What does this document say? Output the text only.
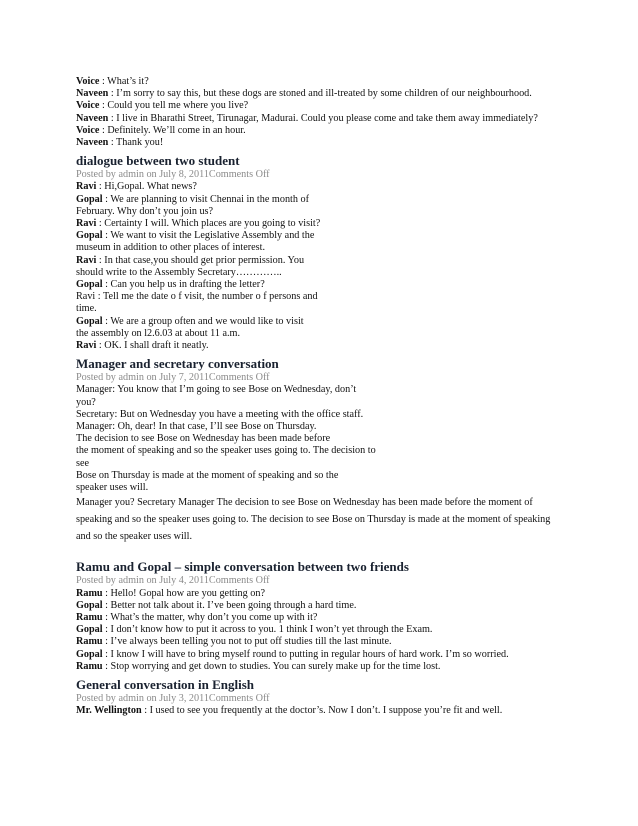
Voice : What’s it?
Naveen : I’m sorry to say this, but these dogs are stoned and ill-treated by some children of our neighbourhood.
Voice : Could you tell me where you live?
Naveen : I live in Bharathi Street, Tirunagar, Madurai. Could you please come and take them away immediately?
Voice : Definitely. We’ll come in an hour.
Naveen : Thank you!
dialogue between two student
Posted by admin on July 8, 2011Comments Off
Ravi : Hi,Gopal. What news?
Gopal : We are planning to visit Chennai in the month of
February. Why don’t you join us?
Ravi : Certainty I will. Which places are you going to visit?
Gopal : We want to visit the Legislative Assembly and the
museum in addition to other places of interest.
Ravi : In that case,you should get prior permission. You
should write to the Assembly Secretary…………..
Gopal : Can you help us in drafting the letter?
Ravi : Tell me the date o f visit, the number o f persons and
time.
Gopal : We are a group often and we would like to visit
the assembly on l2.6.03 at about 11 a.m.
Ravi : OK. I shall draft it neatly.
Manager and secretary conversation
Posted by admin on July 7, 2011Comments Off
Manager: You know that I’m going to see Bose on Wednesday, don’t
you?
Secretary: But on Wednesday you have a meeting with the office staff.
Manager: Oh, dear! In that case, I’ll see Bose on Thursday.
The decision to see Bose on Wednesday has been made before
the moment of speaking and so the speaker uses going to. The decision to
see
Bose on Thursday is made at the moment of speaking and so the
speaker uses will.
Manager you? Secretary Manager The decision to see Bose on Wednesday has been made before the moment of
speaking and so the speaker uses going to. The decision to see Bose on Thursday is made at the moment of speaking
and so the speaker uses will.
Ramu and Gopal – simple conversation between two friends
Posted by admin on July 4, 2011Comments Off
Ramu : Hello! Gopal how are you getting on?
Gopal : Better not talk about it. I’ve been going through a hard time.
Ramu : What’s the matter, why don’t you come up with it?
Gopal : I don’t know how to put it across to you. 1 think I won’t yet through the Exam.
Ramu : I’ve always been telling you not to put off studies till the last minute.
Gopal : I know I will have to bring myself round to putting in regular hours of hard work. I’m so worried.
Ramu : Stop worrying and get down to studies. You can surely make up for the time lost.
General conversation in English
Posted by admin on July 3, 2011Comments Off
Mr. Wellington : I used to see you frequently at the doctor’s. Now I don’t. I suppose you’re fit and well.
